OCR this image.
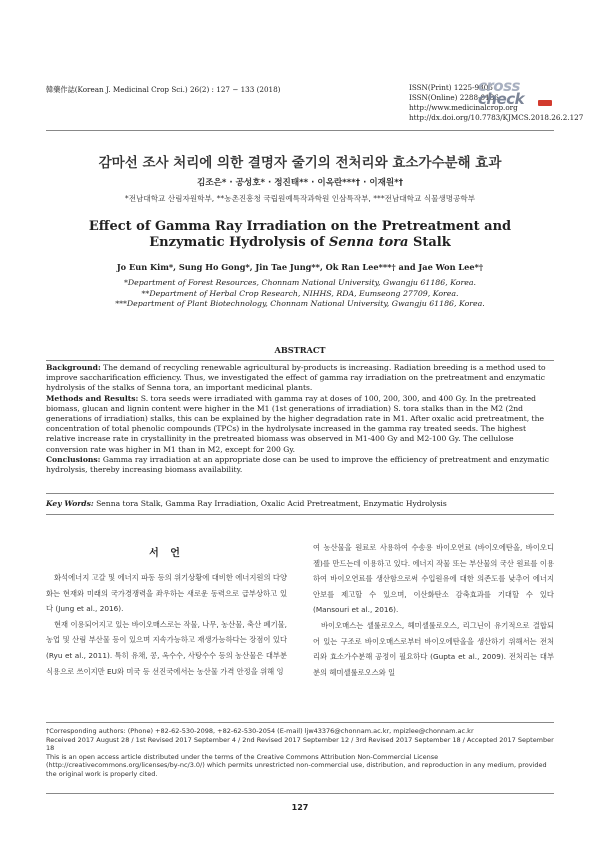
韓藥作誌(Korean J. Medicinal Crop Sci.) 26(2) : 127 − 133 (2018)	ISSN(Print) 1225-9306
ISSN(Online) 2288-0186
http://www.medicinalcrop.org
http://dx.doi.org/10.7783/KJMCS.2018.26.2.127
cross
check
감마선 조사 처리에 의한 결명자 줄기의 전처리와 효소가수분해 효과
김조은* · 공성호* · 정진태** · 이옥란***† · 이재원*†
*전남대학교 산림자원학부, **농촌진흥청 국립원예특작과학원 인삼특작부, ***전남대학교 식물생명공학부
Effect of Gamma Ray Irradiation on the Pretreatment and
Enzymatic Hydrolysis of Senna tora Stalk
Jo Eun Kim*, Sung Ho Gong*, Jin Tae Jung**, Ok Ran Lee***† and Jae Won Lee*†
*Department of Forest Resources, Chonnam National University, Gwangju 61186, Korea.
**Department of Herbal Crop Research, NIHHS, RDA, Eumseong 27709, Korea.
***Department of Plant Biotechnology, Chonnam National University, Gwangju 61186, Korea.
ABSTRACT

Background: The demand of recycling renewable agricultural by-products is increasing. Radiation breeding is a method used to improve saccharification efficiency. Thus, we investigated the effect of gamma ray irradiation on the pretreatment and enzymatic hydrolysis of the stalks of Senna tora, an important medicinal plants.

Methods and Results: S. tora seeds were irradiated with gamma ray at doses of 100, 200, 300, and 400 Gy. In the pretreated biomass, glucan and lignin content were higher in the M1 (1st generations of irradiation) S. tora stalks than in the M2 (2nd generations of irradiation) stalks, this can be explained by the higher degradation rate in M1. After oxalic acid pretreatment, the concentration of total phenolic compounds (TPCs) in the hydrolysate increased in the gamma ray treated seeds. The highest relative increase rate in crystallinity in the pretreated biomass was observed in M1-400 Gy and M2-100 Gy. The cellulose conversion rate was higher in M1 than in M2, except for 200 Gy.

Conclusions: Gamma ray irradiation at an appropriate dose can be used to improve the efficiency of pretreatment and enzymatic hydrolysis, thereby increasing biomass availability.

Key Words: Senna tora Stalk, Gamma Ray Irradiation, Oxalic Acid Pretreatment, Enzymatic Hydrolysis
서 언

화석에너지 고갈 및 에너지 파동 등의 위기상황에 대비한 에너지원의 다양화는 현재와 미래의 국가경쟁력을 좌우하는 새로운 동력으로 급부상하고 있다 (Jung et al., 2016).

현재 이용되어지고 있는 바이오매스로는 작물, 나무, 농산물, 축산 폐기물, 농업 및 산림 부산물 등이 있으며 지속가능하고 재생가능하다는 장점이 있다 (Ryu et al., 2011). 특히 유채, 콩, 옥수수, 사탕수수 등의 농산물은 대부분 식용으로 쓰이지만 EU와 미국 등 선진국에서는 농산물 가격 안정을 위해 잉

여 농산물을 원료로 사용하여 수송용 바이오연료 (바이오에탄올, 바이오디젤)를 만드는데 이용하고 있다. 에너지 작물 또는 부산물의 국산 원료를 이용하여 바이오연료를 생산함으로써 수입원유에 대한 의존도를 낮추어 에너지 안보를 제고할 수 있으며, 이산화탄소 감축효과를 기대할 수 있다 (Mansouri et al., 2016).

바이오매스는 셀룰로오스, 헤미셀룰로오스, 리그닌이 유기적으로 결합되어 있는 구조로 바이오매스로부터 바이오에탄올을 생산하기 위해서는 전처리와 효소가수분해 공정이 필요하다 (Gupta et al., 2009). 전처리는 대부분의 헤미셀룰로오스와 일

†Corresponding authors: (Phone) +82-62-530-2098, +82-62-530-2054 (E-mail) ljw43376@chonnam.ac.kr, mpizlee@chonnam.ac.kr

Received 2017 August 28 / 1st Revised 2017 September 4 / 2nd Revised 2017 September 12 / 3rd Revised 2017 September 18 / Accepted 2017 September 18

This is an open access article distributed under the terms of the Creative Commons Attribution Non-Commercial License (http://creativecommons.org/licenses/by-nc/3.0/) which permits unrestricted non-commercial use, distribution, and reproduction in any medium, provided the original work is properly cited.

127
